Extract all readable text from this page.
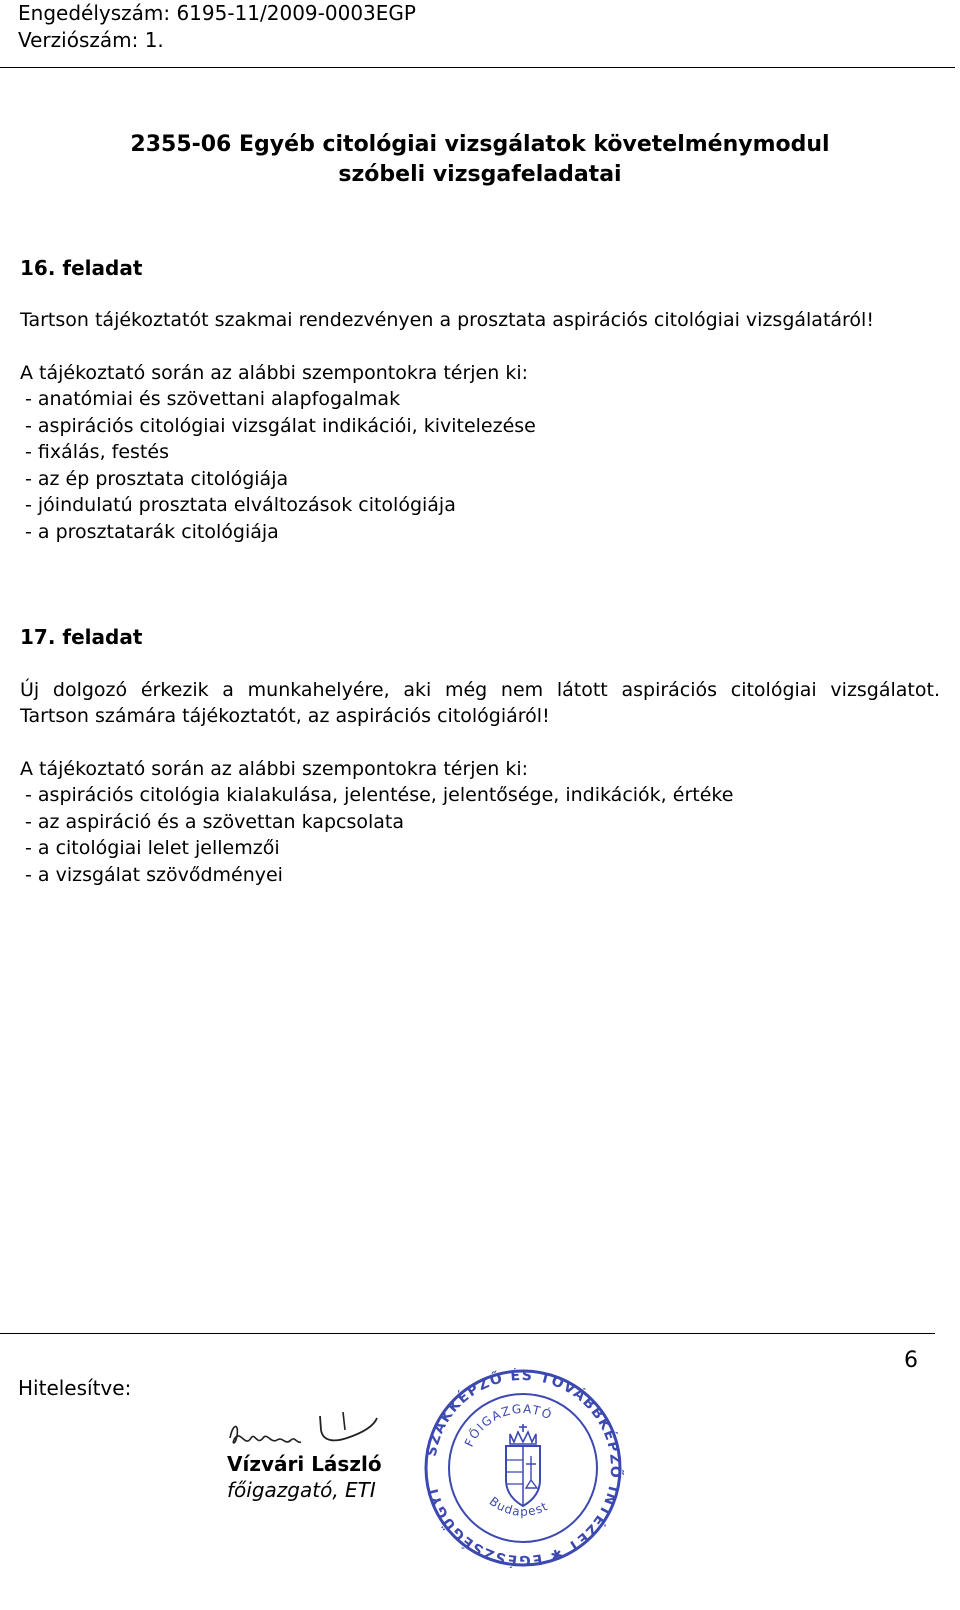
Engedélyszám: 6195-11/2009-0003EGP
Verziószám: 1.
2355-06 Egyéb citológiai vizsgálatok követelménymodul
szóbeli vizsgafeladatai
16. feladat
Tartson tájékoztatót szakmai rendezvényen a prosztata aspirációs citológiai vizsgálatáról!
A tájékoztató során az alábbi szempontokra térjen ki:
- anatómiai és szövettani alapfogalmak
- aspirációs citológiai vizsgálat indikációi, kivitelezése
- fixálás, festés
- az ép prosztata citológiája
- jóindulatú prosztata elváltozások citológiája
- a prosztatarák citológiája
17. feladat
Új dolgozó érkezik a munkahelyére, aki még nem látott aspirációs citológiai vizsgálatot.
Tartson számára tájékoztatót, az aspirációs citológiáról!
A tájékoztató során az alábbi szempontokra térjen ki:
- aspirációs citológia kialakulása, jelentése, jelentősége, indikációk, értéke
- az aspiráció és a szövettan kapcsolata
- a citológiai lelet jellemzői
- a vizsgálat szövődményei
6
Hitelesítve:
Vízvári László
főigazgató, ETI
SZAKKÉPZŐ ÉS TOVÁBBKÉPZŐ INTÉZET ✱ EGÉSZSÉGÜGYI
FŐIGAZGATÓ
Budapest
